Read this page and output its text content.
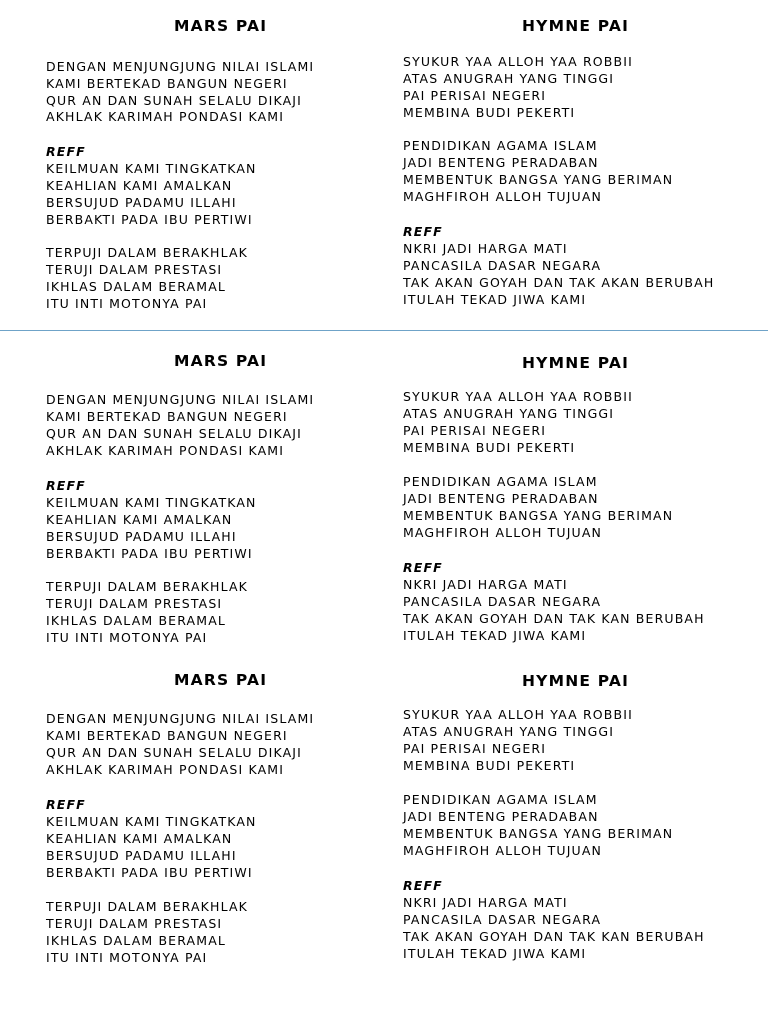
MARS PAI
DENGAN MENJUNGJUNG NILAI ISLAMI
KAMI BERTEKAD BANGUN NEGERI
QUR AN DAN SUNAH SELALU DIKAJI
AKHLAK KARIMAH PONDASI KAMI
REFF
KEILMUAN KAMI TINGKATKAN
KEAHLIAN KAMI AMALKAN
BERSUJUD PADAMU ILLAHI
BERBAKTI PADA IBU PERTIWI
TERPUJI DALAM BERAKHLAK
TERUJI DALAM PRESTASI
IKHLAS DALAM BERAMAL
ITU INTI MOTONYA PAI
HYMNE PAI
SYUKUR YAA ALLOH YAA ROBBII
ATAS ANUGRAH YANG TINGGI
PAI PERISAI NEGERI
MEMBINA BUDI PEKERTI
PENDIDIKAN AGAMA ISLAM
JADI BENTENG PERADABAN
MEMBENTUK BANGSA YANG BERIMAN
MAGHFIROH ALLOH TUJUAN
REFF
NKRI JADI HARGA MATI
PANCASILA DASAR NEGARA
TAK AKAN GOYAH DAN TAK AKAN BERUBAH
ITULAH TEKAD JIWA KAMI
MARS PAI
DENGAN MENJUNGJUNG NILAI ISLAMI
KAMI BERTEKAD BANGUN NEGERI
QUR AN DAN SUNAH SELALU DIKAJI
AKHLAK KARIMAH PONDASI KAMI
REFF
KEILMUAN KAMI TINGKATKAN
KEAHLIAN KAMI AMALKAN
BERSUJUD PADAMU ILLAHI
BERBAKTI PADA IBU PERTIWI
TERPUJI DALAM BERAKHLAK
TERUJI DALAM PRESTASI
IKHLAS DALAM BERAMAL
ITU INTI MOTONYA PAI
HYMNE PAI
SYUKUR YAA ALLOH YAA ROBBII
ATAS ANUGRAH YANG TINGGI
PAI PERISAI NEGERI
MEMBINA BUDI PEKERTI
PENDIDIKAN AGAMA ISLAM
JADI BENTENG PERADABAN
MEMBENTUK BANGSA YANG BERIMAN
MAGHFIROH ALLOH TUJUAN
REFF
NKRI JADI HARGA MATI
PANCASILA DASAR NEGARA
TAK AKAN GOYAH DAN TAK KAN BERUBAH
ITULAH TEKAD JIWA KAMI
MARS PAI
DENGAN MENJUNGJUNG NILAI ISLAMI
KAMI BERTEKAD BANGUN NEGERI
QUR AN DAN SUNAH SELALU DIKAJI
AKHLAK KARIMAH PONDASI KAMI
REFF
KEILMUAN KAMI TINGKATKAN
KEAHLIAN KAMI AMALKAN
BERSUJUD PADAMU ILLAHI
BERBAKTI PADA IBU PERTIWI
TERPUJI DALAM BERAKHLAK
TERUJI DALAM PRESTASI
IKHLAS DALAM BERAMAL
ITU INTI MOTONYA PAI
HYMNE PAI
SYUKUR YAA ALLOH YAA ROBBII
ATAS ANUGRAH YANG TINGGI
PAI PERISAI NEGERI
MEMBINA BUDI PEKERTI
PENDIDIKAN AGAMA ISLAM
JADI BENTENG PERADABAN
MEMBENTUK BANGSA YANG BERIMAN
MAGHFIROH ALLOH TUJUAN
REFF
NKRI JADI HARGA MATI
PANCASILA DASAR NEGARA
TAK AKAN GOYAH DAN TAK KAN BERUBAH
ITULAH TEKAD JIWA KAMI
